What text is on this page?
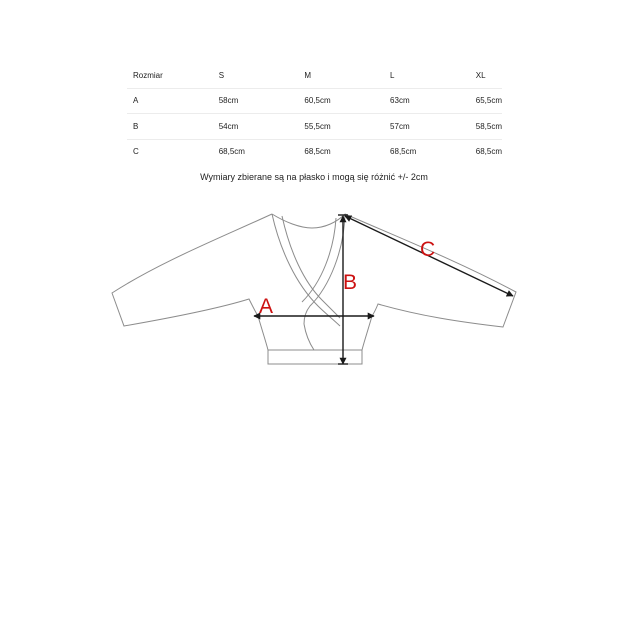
Rozmiar	S	M	L	XL
A	58cm	60,5cm	63cm	65,5cm
B	54cm	55,5cm	57cm	58,5cm
C	68,5cm	68,5cm	68,5cm	68,5cm
Wymiary zbierane są na płasko i mogą się różnić +/- 2cm
A
B
C
